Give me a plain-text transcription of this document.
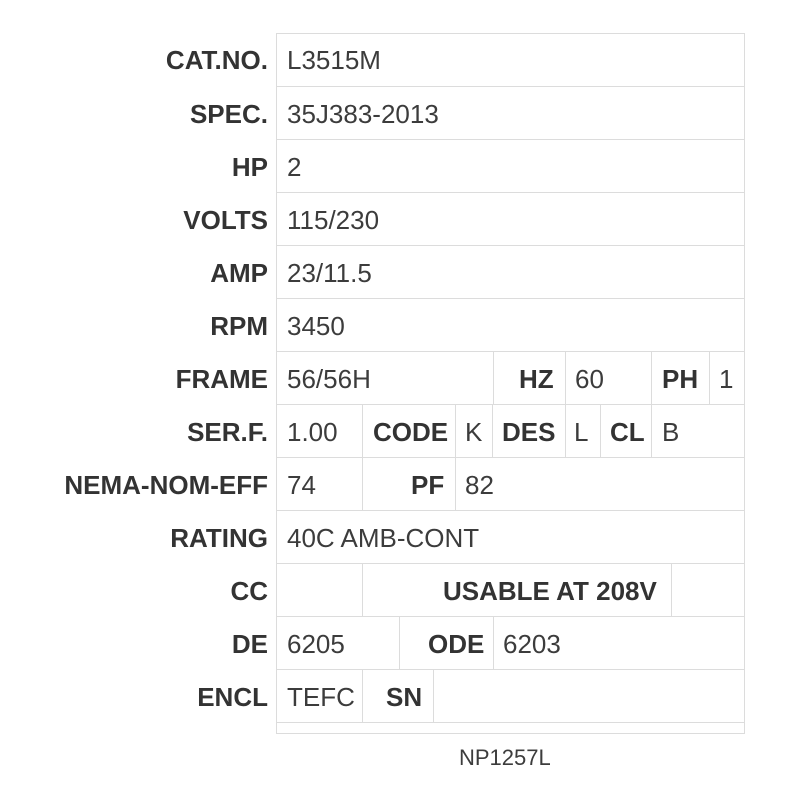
CAT.NO. L3515M
SPEC. 35J383-2013
HP 2
VOLTS 115/230
AMP 23/11.5
RPM 3450
FRAME 56/56H	HZ 60 PH 1
SER.F. 1.00 CODE K DES L CL B
NEMA-NOM-EFF 74	PF 82
RATING 40C AMB-CONT
CC	USABLE AT 208V
DE 6205	ODE 6203
ENCL TEFC SN
NP1257L
